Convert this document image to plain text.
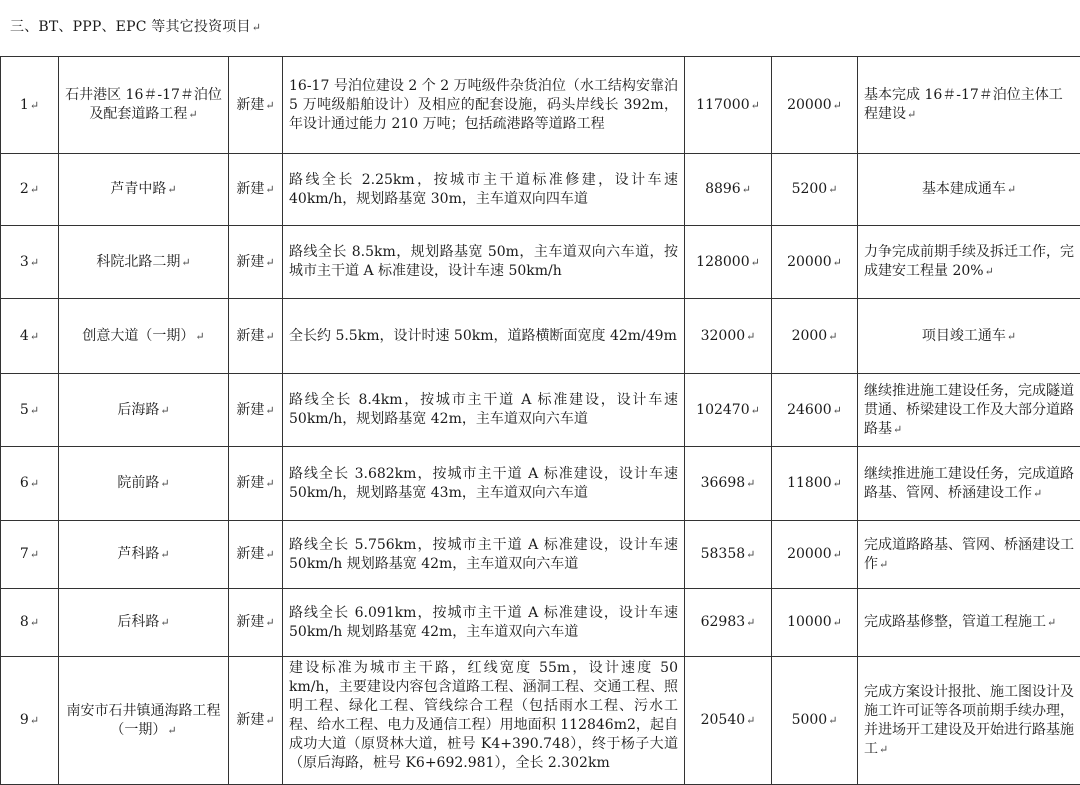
三、BT、PPP、EPC 等其它投资项目↵
1↵	石井港区 16＃-17＃泊位及配套道路工程↵	新建↵	16-17 号泊位建设 2 个 2 万吨级件杂货泊位（水工结构安靠泊 5 万吨级船舶设计）及相应的配套设施，码头岸线长 392m，年设计通过能力 210 万吨；包括疏港路等道路工程	117000↵	20000↵	基本完成 16＃-17＃泊位主体工程建设↵
2↵	芦青中路↵	新建↵	路线全长 2.25km，按城市主干道标准修建，设计车速 40km/h，规划路基宽 30m，主车道双向四车道	8896↵	5200↵	基本建成通车↵
3↵	科院北路二期↵	新建↵	路线全长 8.5km，规划路基宽 50m，主车道双向六车道，按城市主干道 A 标准建设，设计车速 50km/h	128000↵	20000↵	力争完成前期手续及拆迁工作，完成建安工程量 20%↵
4↵	创意大道（一期）↵	新建↵	全长约 5.5km，设计时速 50km，道路横断面宽度 42m/49m	32000↵	2000↵	项目竣工通车↵
5↵	后海路↵	新建↵	路线全长 8.4km，按城市主干道 A 标准建设，设计车速 50km/h，规划路基宽 42m，主车道双向六车道	102470↵	24600↵	继续推进施工建设任务，完成隧道贯通、桥梁建设工作及大部分道路路基↵
6↵	院前路↵	新建↵	路线全长 3.682km，按城市主干道 A 标准建设，设计车速 50km/h，规划路基宽 43m，主车道双向六车道	36698↵	11800↵	继续推进施工建设任务，完成道路路基、管网、桥涵建设工作↵
7↵	芦科路↵	新建↵	路线全长 5.756km，按城市主干道 A 标准建设，设计车速 50km/h 规划路基宽 42m，主车道双向六车道	58358↵	20000↵	完成道路路基、管网、桥涵建设工作↵
8↵	后科路↵	新建↵	路线全长 6.091km，按城市主干道 A 标准建设，设计车速 50km/h 规划路基宽 42m，主车道双向六车道	62983↵	10000↵	完成路基修整，管道工程施工↵
9↵	南安市石井镇通海路工程（一期）↵	新建↵	建设标准为城市主干路，红线宽度 55m，设计速度 50 km/h，主要建设内容包含道路工程、涵洞工程、交通工程、照明工程、绿化工程、管线综合工程（包括雨水工程、污水工程、给水工程、电力及通信工程）用地面积 112846m2，起自成功大道（原贤林大道，桩号 K4+390.748），终于杨子大道（原后海路，桩号 K6+692.981），全长 2.302km	20540↵	5000↵	完成方案设计报批、施工图设计及施工许可证等各项前期手续办理，并进场开工建设及开始进行路基施工↵
